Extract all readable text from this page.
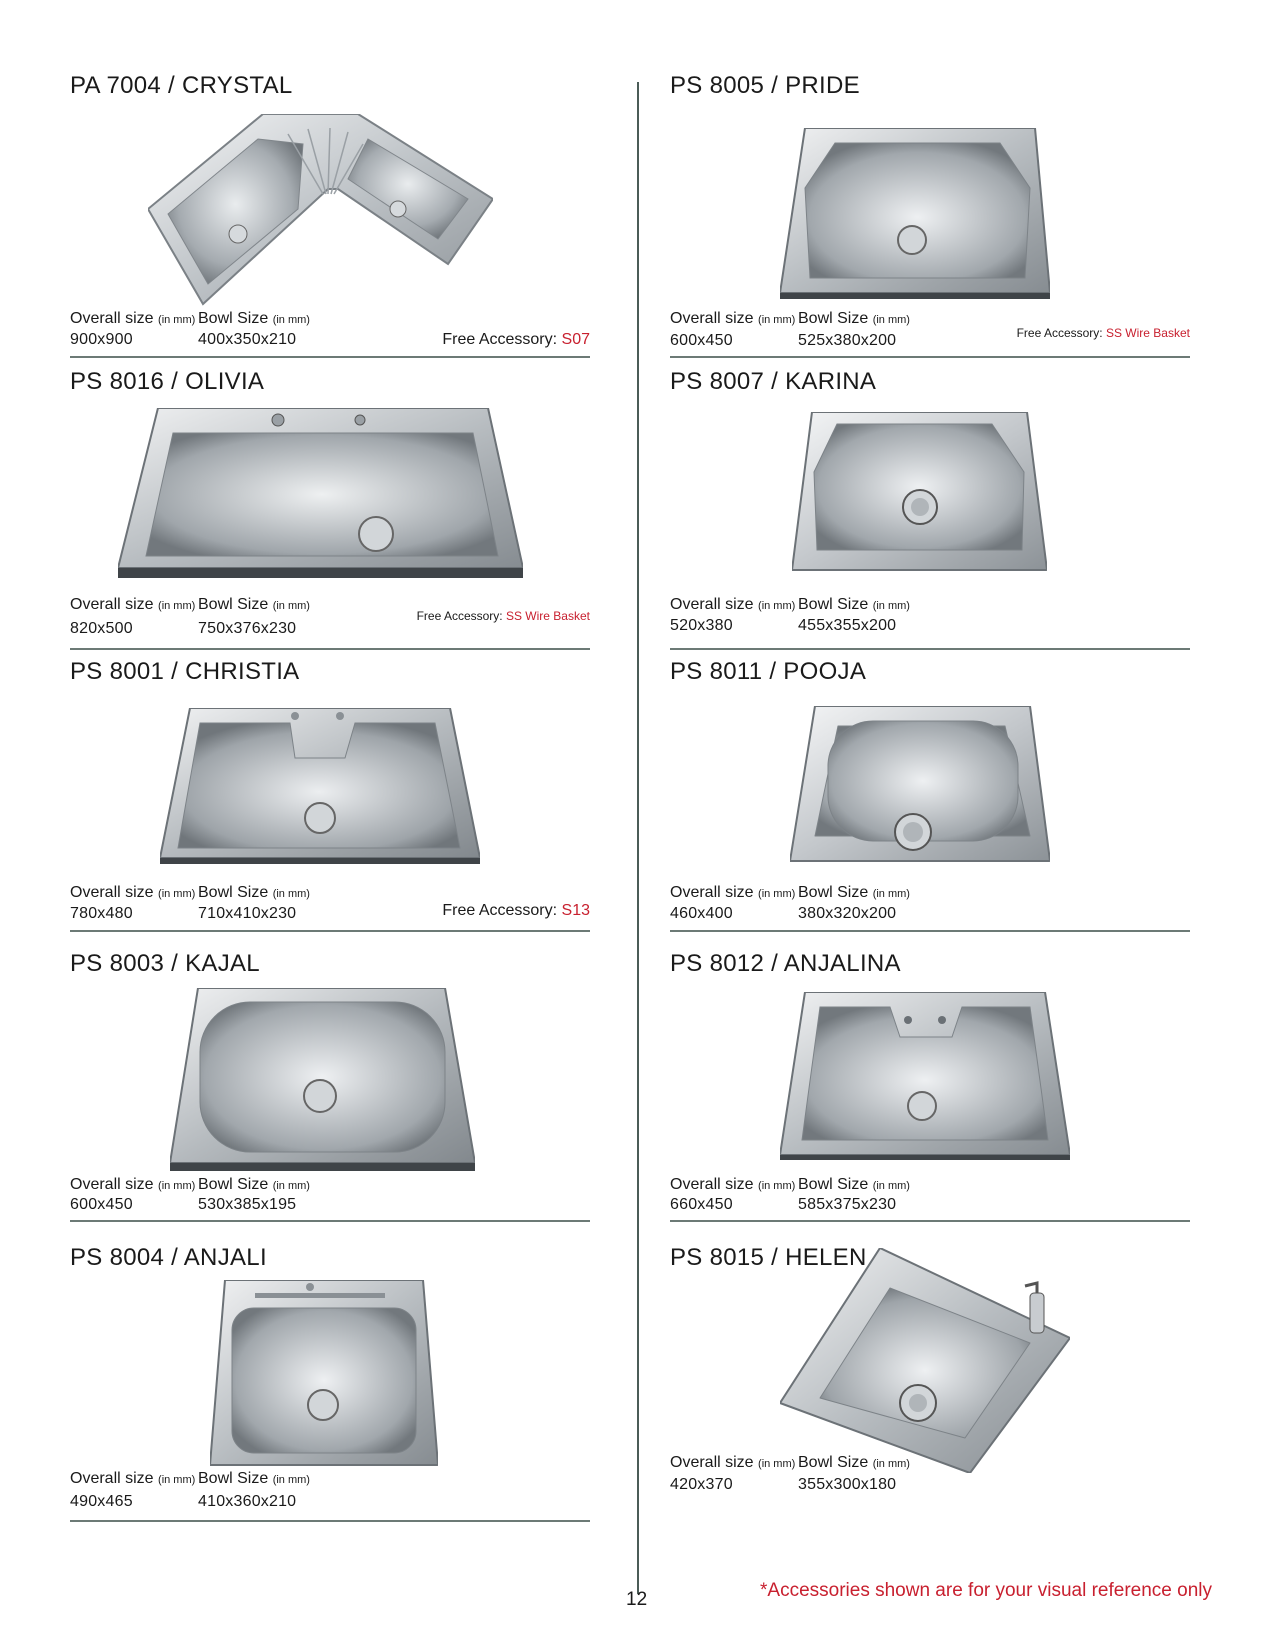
PA 7004 / CRYSTAL
Overall size (in mm) Bowl Size (in mm)
900x900	400x350x210	Free Accessory: S07
PS 8016 / OLIVIA
Overall size (in mm) Bowl Size (in mm)
820x500	750x376x230
Free Accessory: SS Wire Basket
PS 8001 / CHRISTIA
Overall size (in mm) Bowl Size (in mm)
780x480	710x410x230	Free Accessory: S13
PS 8003 / KAJAL
Overall size (in mm) Bowl Size (in mm)
600x450	530x385x195
PS 8004 / ANJALI
Overall size (in mm) Bowl Size (in mm)
490x465	410x360x210
PS 8005 / PRIDE
Overall size (in mm) Bowl Size (in mm)
600x450	525x380x200	Free Accessory: SS Wire Basket
PS 8007 / KARINA
Overall size (in mm) Bowl Size (in mm)
520x380	455x355x200
PS 8011 / POOJA
Overall size (in mm) Bowl Size (in mm)
460x400	380x320x200
PS 8012 / ANJALINA
Overall size (in mm) Bowl Size (in mm)
660x450	585x375x230
PS 8015 / HELEN
Overall size (in mm) Bowl Size (in mm)
420x370	355x300x180
12	*Accessories shown are for your visual reference only
